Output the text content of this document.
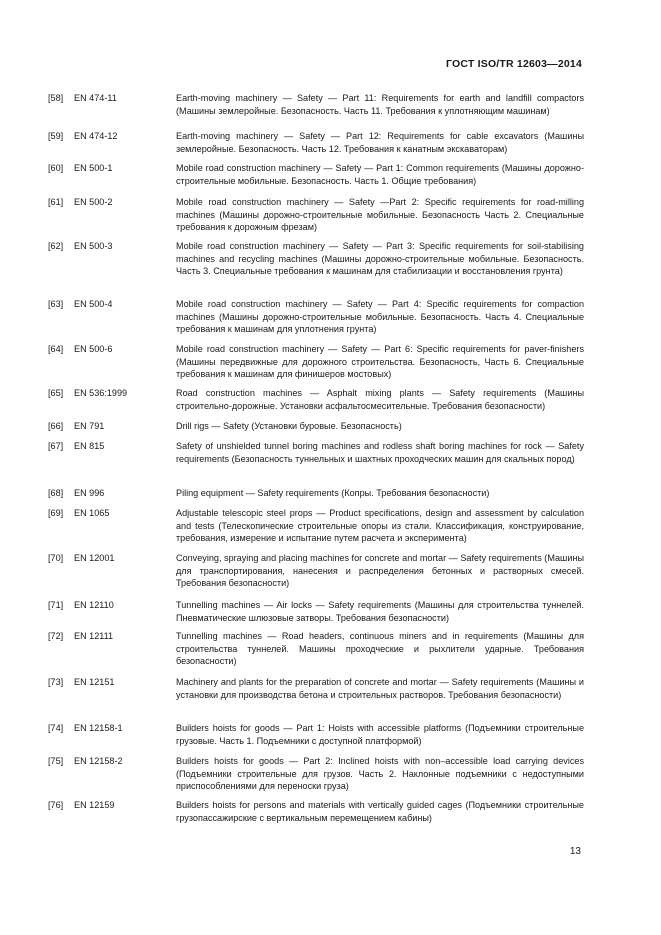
ГОСТ ISO/TR 12603—2014
[58]	EN 474-11	Earth-moving machinery — Safety — Part 11: Requirements for earth and landfill compactors (Машины землеройные. Безопасность. Часть 11. Требования к уплотняющим машинам)
[59]	EN 474-12	Earth-moving machinery — Safety — Part 12: Requirements for cable excavators (Машины землеройные. Безопасность. Часть 12. Требования к канатным экскаваторам)
[60]	EN 500-1	Mobile road construction machinery — Safety — Part 1: Common requirements (Машины дорожно-строительные мобильные. Безопасность. Часть 1. Общие требования)
[61]	EN 500-2	Mobile road construction machinery — Safety —Part 2: Specific requirements for road-milling machines (Машины дорожно-строительные мобильные. Безопасность Часть 2. Специальные требования к дорожным фрезам)
[62]	EN 500-3	Mobile road construction machinery — Safety — Part 3: Specific requirements for soil-stabilising machines and recycling machines (Машины дорожно-строительные мобильные. Безопасность. Часть 3. Специальные требования к машинам для стабилизации и восстановления грунта)
[63]	EN 500-4	Mobile road construction machinery — Safety — Part 4: Specific requirements for compaction machines (Машины дорожно-строительные мобильные. Безопасность. Часть 4. Специальные требования к машинам для уплотнения грунта)
[64]	EN 500-6	Mobile road construction machinery — Safety — Part 6: Specific requirements for paver-finishers (Машины передвижные для дорожного строительства. Безопасность, Часть 6. Специальные требования к машинам для финишеров мостовых)
[65]	EN 536:1999	Road construction machines — Asphalt mixing plants — Safety requirements (Машины строительно-дорожные. Установки асфальтосмесительные. Требования безопасности)
[66]	EN 791	Drill rigs — Safety (Установки буровые. Безопасность)
[67]	EN 815	Safety of unshielded tunnel boring machines and rodless shaft boring machines for rock — Safety requirements (Безопасность туннельных и шахтных проходческих машин для скальных пород)
[68]	EN 996	Piling equipment — Safety requirements (Копры. Требования безопасности)
[69]	EN 1065	Adjustable telescopic steel props — Product specifications, design and assessment by calculation and tests (Телескопические строительные опоры из стали. Классификация, конструирование, требования, измерение и испытание путем расчета и экспериментa)
[70]	EN 12001	Conveying, spraying and placing machines for concrete and mortar — Safety requirements (Машины для транспортирования, нанесения и распределения бетонных и растворных смесей. Требования безопасности)
[71]	EN 12110	Tunnelling machines — Air locks — Safety requirements (Машины для строительства туннелей. Пневматические шлюзовые затворы. Требования безопасности)
[72]	EN 12111	Tunnelling machines — Road headers, continuous miners and in requirements (Машины для строительства туннелей. Машины проходческие и рыхлители ударные. Требования безопасности)
[73]	EN 12151	Machinery and plants for the preparation of concrete and mortar — Safety requirements (Машины и установки для производства бетона и строительных растворов. Требования безопасности)
[74]	EN 12158-1	Builders hoists for goods — Part 1: Hoists with accessible platforms (Подъемники строительные грузовые. Часть 1. Подъемники с доступной платформой)
[75]	EN 12158-2	Builders hoists for goods — Part 2: Inclined hoists with non–accessible load carrying devices (Подъемники строительные для грузов. Часть 2. Наклонные подъемники с недоступными приспособлениями для переноски груза)
[76]	EN 12159	Builders hoists for persons and materials with vertically guided cages (Подъемники строительные грузопассажирские с вертикальным перемещением кабины)
13
